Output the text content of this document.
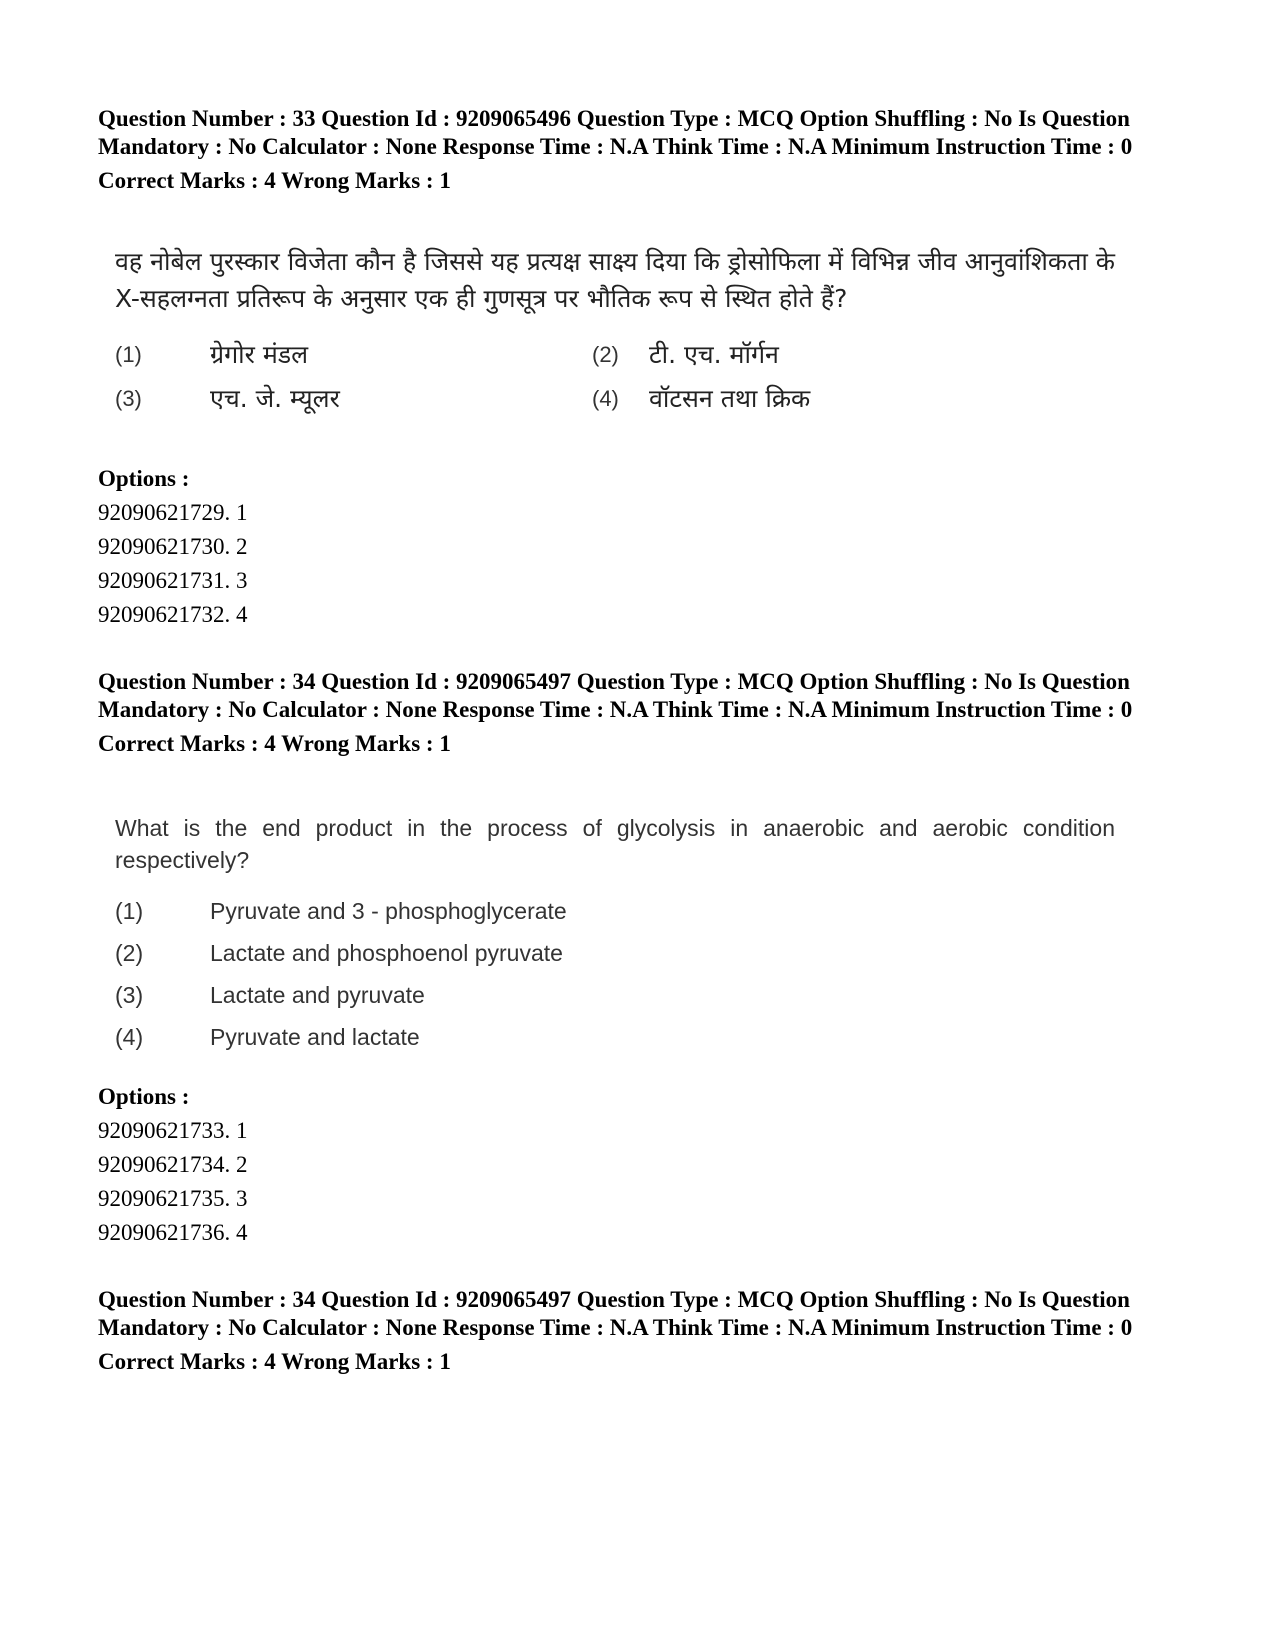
Question Number : 33 Question Id : 9209065496 Question Type : MCQ Option Shuffling : No Is Question Mandatory : No Calculator : None Response Time : N.A Think Time : N.A Minimum Instruction Time : 0
Correct Marks : 4 Wrong Marks : 1
वह नोबेल पुरस्कार विजेता कौन है जिससे यह प्रत्यक्ष साक्ष्य दिया कि ड्रोसोफिला में विभिन्न जीव आनुवांशिकता के X-सहलग्नता प्रतिरूप के अनुसार एक ही गुणसूत्र पर भौतिक रूप से स्थित होते हैं?
(1)	ग्रेगोर मंडल	(2)	टी. एच. मॉर्गन
(3)	एच. जे. म्यूलर	(4)	वॉटसन तथा क्रिक
Options :
92090621729. 1
92090621730. 2
92090621731. 3
92090621732. 4
Question Number : 34 Question Id : 9209065497 Question Type : MCQ Option Shuffling : No Is Question Mandatory : No Calculator : None Response Time : N.A Think Time : N.A Minimum Instruction Time : 0
Correct Marks : 4 Wrong Marks : 1
What is the end product in the process of glycolysis in anaerobic and aerobic condition respectively?
(1)	Pyruvate and 3 - phosphoglycerate
(2)	Lactate and phosphoenol pyruvate
(3)	Lactate and pyruvate
(4)	Pyruvate and lactate
Options :
92090621733. 1
92090621734. 2
92090621735. 3
92090621736. 4
Question Number : 34 Question Id : 9209065497 Question Type : MCQ Option Shuffling : No Is Question Mandatory : No Calculator : None Response Time : N.A Think Time : N.A Minimum Instruction Time : 0
Correct Marks : 4 Wrong Marks : 1
